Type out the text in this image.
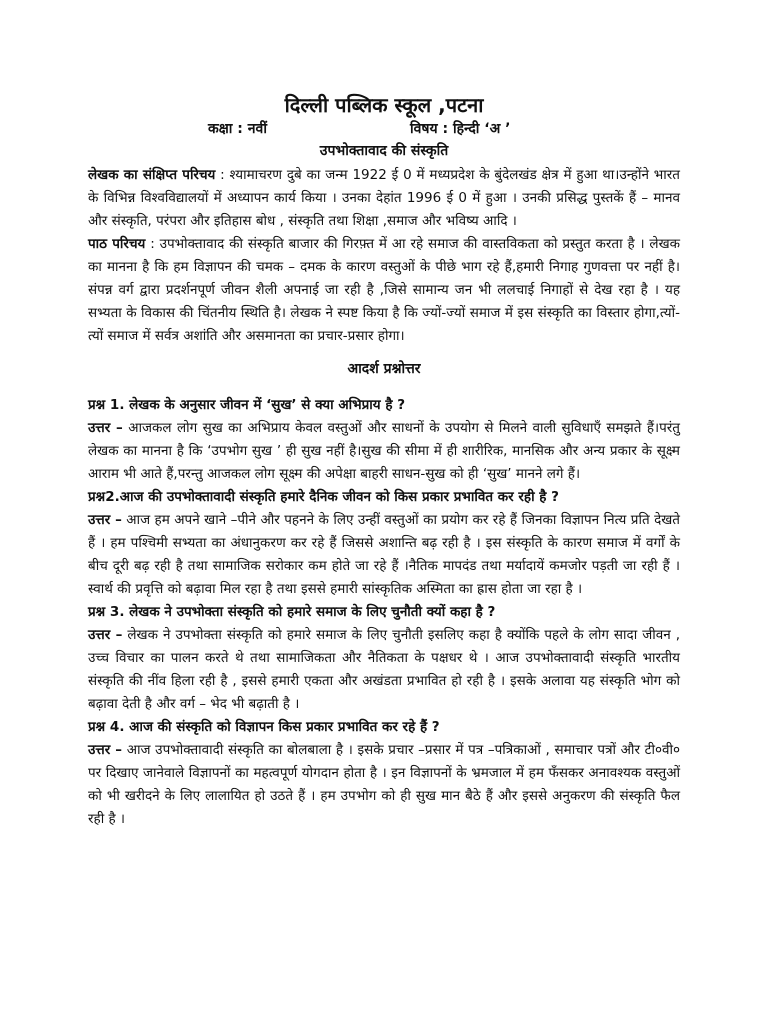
दिल्ली पब्लिक स्कूल ,पटना
कक्षा : नवीं	विषय : हिन्दी ‘अ ’
उपभोक्तावाद की संस्कृति

लेखक का संक्षिप्त परिचय : श्यामाचरण दुबे का जन्म 1922 ई 0 में मध्यप्रदेश के बुंदेलखंड क्षेत्र में हुआ था।उन्होंने भारत के विभिन्न विश्वविद्यालयों में अध्यापन कार्य किया । उनका देहांत 1996 ई 0 में हुआ । उनकी प्रसिद्ध पुस्तकें हैं – मानव और संस्कृति, परंपरा और इतिहास बोध , संस्कृति तथा शिक्षा ,समाज और भविष्य आदि ।

पाठ परिचय : उपभोक्तावाद की संस्कृति बाजार की गिरफ़्त में आ रहे समाज की वास्तविकता को प्रस्तुत करता है । लेखक का मानना है कि हम विज्ञापन की चमक – दमक के कारण वस्तुओं के पीछे भाग रहे हैं,हमारी निगाह गुणवत्ता पर नहीं है।संपन्न वर्ग द्वारा प्रदर्शनपूर्ण जीवन शैली अपनाई जा रही है ,जिसे सामान्य जन भी ललचाई निगाहों से देख रहा है । यह सभ्यता के विकास की चिंतनीय स्थिति है। लेखक ने स्पष्ट किया है कि ज्यों-ज्यों समाज में इस संस्कृति का विस्तार होगा,त्यों-त्यों समाज में सर्वत्र अशांति और असमानता का प्रचार-प्रसार होगा।

आदर्श प्रश्नोत्तर

प्रश्न 1. लेखक के अनुसार जीवन में ‘सुख’ से क्या अभिप्राय है ?

उत्तर – आजकल लोग सुख का अभिप्राय केवल वस्तुओं और साधनों के उपयोग से मिलने वाली सुविधाएँ समझते हैं।परंतु लेखक का मानना है कि ‘उपभोग सुख ’ ही सुख नहीं है।सुख की सीमा में ही शारीरिक, मानसिक और अन्य प्रकार के सूक्ष्म आराम भी आते हैं,परन्तु आजकल लोग सूक्ष्म की अपेक्षा बाहरी साधन-सुख को ही ‘सुख’ मानने लगे हैं।

प्रश्न2.आज की उपभोक्तावादी संस्कृति हमारे दैनिक जीवन को किस प्रकार प्रभावित कर रही है ?

उत्तर – आज हम अपने खाने –पीने और पहनने के लिए उन्हीं वस्तुओं का प्रयोग कर रहे हैं जिनका विज्ञापन नित्य प्रति देखते हैं । हम पश्चिमी सभ्यता का अंधानुकरण कर रहे हैं जिससे अशान्ति बढ़ रही है । इस संस्कृति के कारण समाज में वर्गों के बीच दूरी बढ़ रही है तथा सामाजिक सरोकार कम होते जा रहे हैं ।नैतिक मापदंड तथा मर्यादायें कमजोर पड़ती जा रही हैं । स्वार्थ की प्रवृत्ति को बढ़ावा मिल रहा है तथा इससे हमारी सांस्कृतिक अस्मिता का ह्रास होता जा रहा है ।

प्रश्न 3. लेखक ने उपभोक्ता संस्कृति को हमारे समाज के लिए चुनौती क्यों कहा है ?

उत्तर – लेखक ने उपभोक्ता संस्कृति को हमारे समाज के लिए चुनौती इसलिए कहा है क्योंकि पहले के लोग सादा जीवन , उच्च विचार का पालन करते थे तथा सामाजिकता और नैतिकता के पक्षधर थे । आज उपभोक्तावादी संस्कृति भारतीय संस्कृति की नींव हिला रही है , इससे हमारी एकता और अखंडता प्रभावित हो रही है । इसके अलावा यह संस्कृति भोग को बढ़ावा देती है और वर्ग – भेद भी बढ़ाती है ।

प्रश्न 4. आज की संस्कृति को विज्ञापन किस प्रकार प्रभावित कर रहे हैं ?

उत्तर – आज उपभोक्तावादी संस्कृति का बोलबाला है । इसके प्रचार –प्रसार में पत्र –पत्रिकाओं , समाचार पत्रों और टी०वी० पर दिखाए जानेवाले विज्ञापनों का महत्वपूर्ण योगदान होता है । इन विज्ञापनों के भ्रमजाल में हम फँसकर अनावश्यक वस्तुओं को भी खरीदने के लिए लालायित हो उठते हैं । हम उपभोग को ही सुख मान बैठे हैं और इससे अनुकरण की संस्कृति फैल रही है ।
